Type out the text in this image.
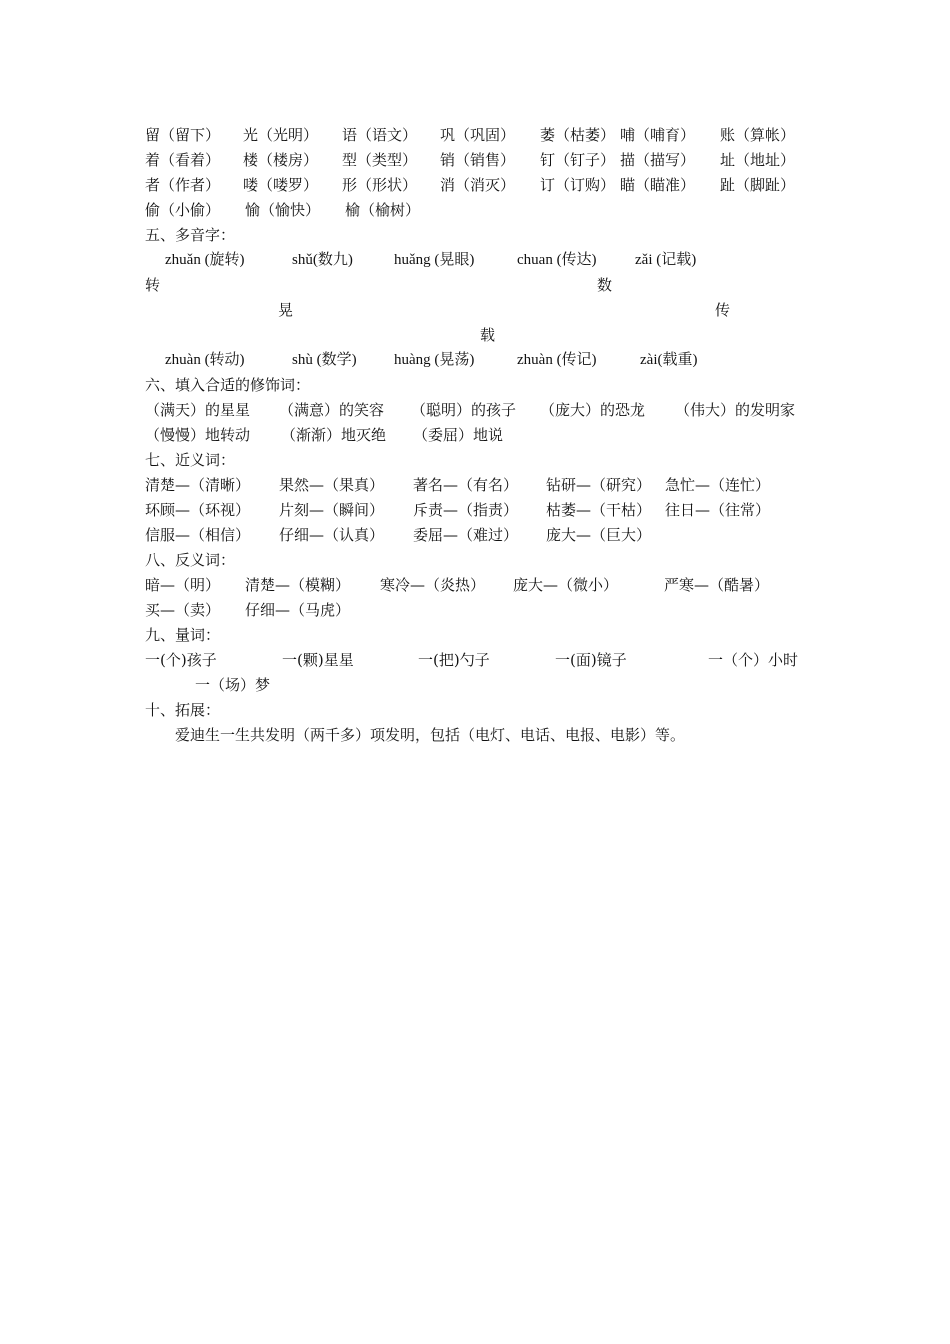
留（留下） 光（光明） 语（语文） 巩（巩固） 萎（枯萎） 哺（哺育） 账（算帐）
着（看着） 楼（楼房） 型（类型） 销（销售） 钉（钉子） 描（描写） 址（地址）
者（作者） 喽（喽罗） 形（形状） 消（消灭） 订（订购） 瞄（瞄准） 趾（脚趾）
偷（小偷） 愉（愉快） 榆（榆树）
五、多音字：
zhuǎn (旋转)	shǔ(数九)	huǎng (晃眼)	chuan (传达)	zǎi (记载)
转	数
晃	传
载
zhuàn (转动)	shù (数学) huàng (晃荡)	zhuàn (传记)	zài(载重)
六、填入合适的修饰词：
（满天）的星星 （满意）的笑容 （聪明）的孩子 （庞大）的恐龙 （伟大）的发明家
（慢慢）地转动 （渐渐）地灭绝 （委屈）地说
七、近义词：
清楚—（清晰） 果然—（果真） 著名—（有名） 钻研—（研究） 急忙—（连忙）
环顾—（环视） 片刻—（瞬间） 斥责—（指责） 枯萎—（干枯） 往日—（往常）
信服—（相信） 仔细—（认真） 委屈—（难过） 庞大—（巨大）
八、反义词：
暗—（明） 清楚—（模糊） 寒冷—（炎热） 庞大—（微小）	严寒—（酷暑）
买—（卖） 仔细—（马虎）
九、量词：
一(个)孩子	一(颗)星星	一(把)勺子	一(面)镜子	一（个）小时
一（场）梦
十、拓展：
爱迪生一生共发明（两千多）项发明，包括（电灯、电话、电报、电影）等。
